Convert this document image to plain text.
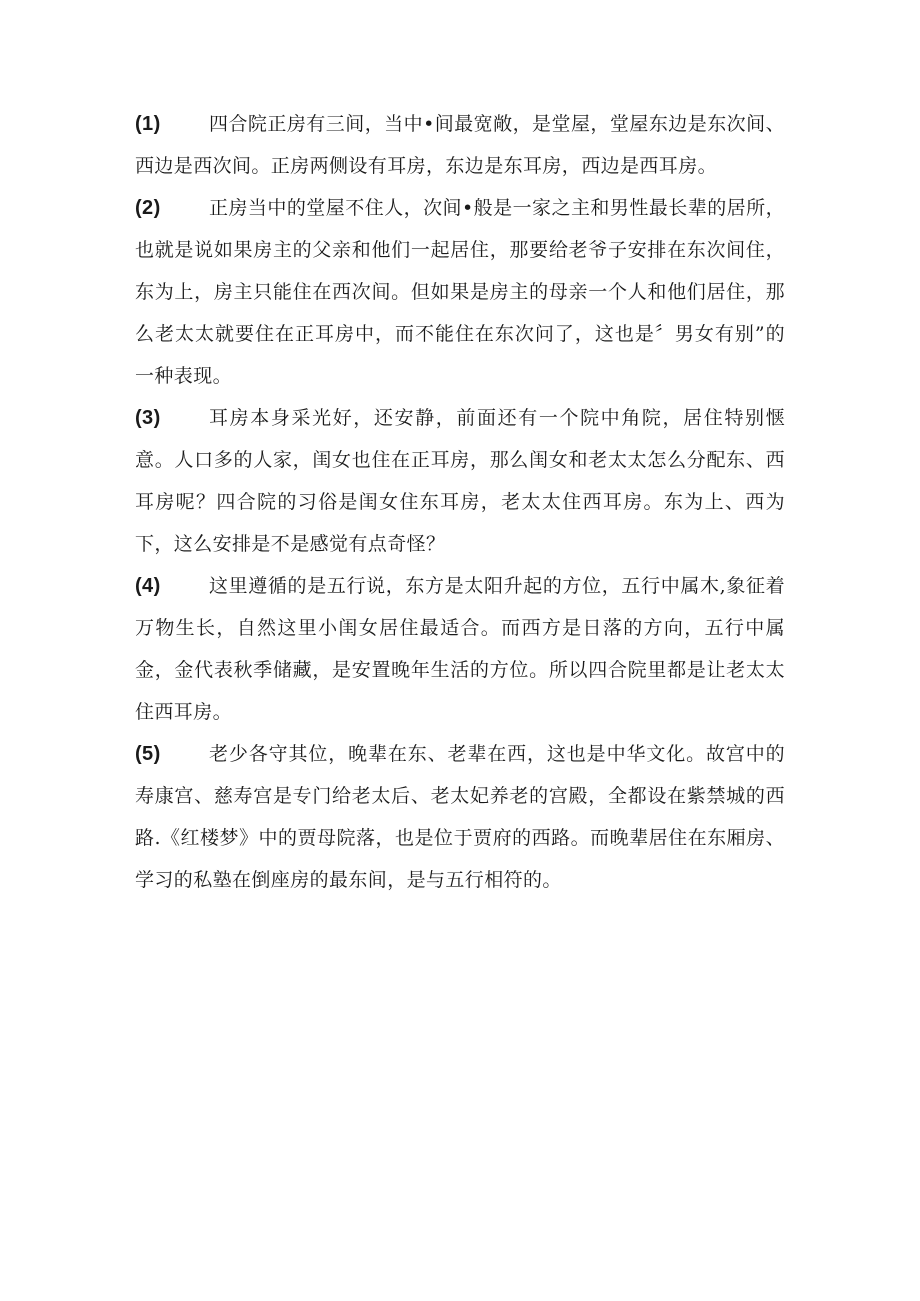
(1)	四合院正房有三间，当中•间最宽敞，是堂屋，堂屋东边是东次间、西边是西次间。正房两侧设有耳房，东边是东耳房，西边是西耳房。
(2)	正房当中的堂屋不住人，次间•般是一家之主和男性最长辈的居所，也就是说如果房主的父亲和他们一起居住，那要给老爷子安排在东次间住，东为上，房主只能住在西次间。但如果是房主的母亲一个人和他们居住，那么老太太就要住在正耳房中，而不能住在东次问了，这也是〞男女有别”的一种表现。
(3)	耳房本身采光好，还安静，前面还有一个院中角院，居住特别惬意。人口多的人家，闺女也住在正耳房，那么闺女和老太太怎么分配东、西耳房呢？四合院的习俗是闺女住东耳房，老太太住西耳房。东为上、西为下，这么安排是不是感觉有点奇怪？
(4)	这里遵循的是五行说，东方是太阳升起的方位，五行中属木,象征着万物生长，自然这里小闺女居住最适合。而西方是日落的方向，五行中属金，金代表秋季储藏，是安置晚年生活的方位。所以四合院里都是让老太太住西耳房。
(5)	老少各守其位，晚辈在东、老辈在西，这也是中华文化。故宫中的寿康宫、慈寿宫是专门给老太后、老太妃养老的宫殿，全都设在紫禁城的西路.《红楼梦》中的贾母院落，也是位于贾府的西路。而晚辈居住在东厢房、学习的私塾在倒座房的最东间，是与五行相符的。
